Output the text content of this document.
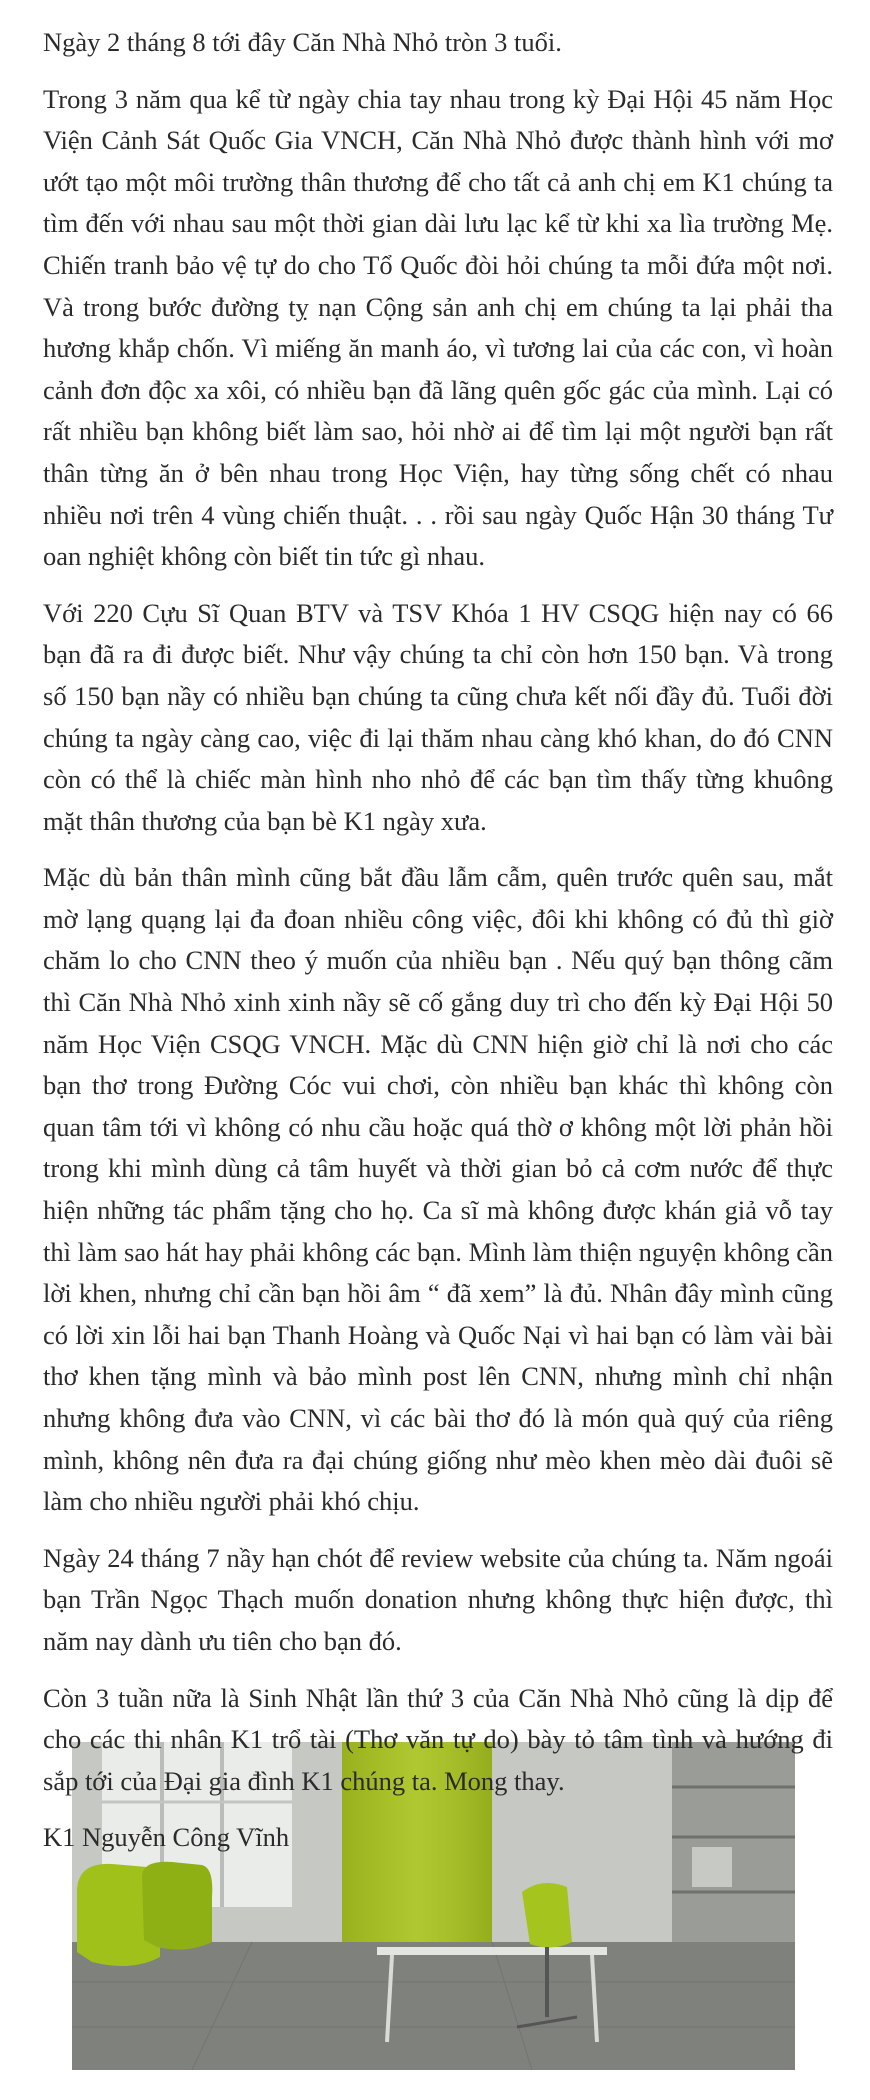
Ngày 2 tháng 8 tới đây Căn Nhà Nhỏ tròn 3 tuổi.

Trong 3 năm qua kể từ ngày chia tay nhau trong kỳ Đại Hội 45 năm Học Viện Cảnh Sát Quốc Gia VNCH, Căn Nhà Nhỏ được thành hình với mơ ướt tạo một môi trường thân thương để cho tất cả anh chị em K1 chúng ta tìm đến với nhau sau một thời gian dài lưu lạc kể từ khi xa lìa trường Mẹ. Chiến tranh bảo vệ tự do cho Tổ Quốc đòi hỏi chúng ta mỗi đứa một nơi. Và trong bước đường tỵ nạn Cộng sản anh chị em chúng ta lại phải tha hương khắp chốn. Vì miếng ăn manh áo, vì tương lai của các con, vì hoàn cảnh đơn độc xa xôi, có nhiều bạn đã lãng quên gốc gác của mình. Lại có rất nhiều bạn không biết làm sao, hỏi nhờ ai để tìm lại một người bạn rất thân từng ăn ở bên nhau trong Học Viện, hay từng sống chết có nhau nhiều nơi trên 4 vùng chiến thuật. . . rồi sau ngày Quốc Hận 30 tháng Tư oan nghiệt không còn biết tin tức gì nhau.

Với 220 Cựu Sĩ Quan BTV và TSV Khóa 1 HV CSQG hiện nay có 66 bạn đã ra đi được biết. Như vậy chúng ta chỉ còn hơn 150 bạn. Và trong số 150 bạn nầy có nhiều bạn chúng ta cũng chưa kết nối đầy đủ. Tuổi đời chúng ta ngày càng cao, việc đi lại thăm nhau càng khó khan, do đó CNN còn có thể là chiếc màn hình nho nhỏ để các bạn tìm thấy từng khuông mặt thân thương của bạn bè K1 ngày xưa.

Mặc dù bản thân mình cũng bắt đầu lẫm cẫm, quên trước quên sau, mắt mờ lạng quạng lại đa đoan nhiều công việc, đôi khi không có đủ thì giờ chăm lo cho CNN theo ý muốn của nhiều bạn . Nếu quý bạn thông cãm thì Căn Nhà Nhỏ xinh xinh nầy sẽ cố gắng duy trì cho đến kỳ Đại Hội 50 năm Học Viện CSQG VNCH. Mặc dù CNN hiện giờ chỉ là nơi cho các bạn thơ trong Đường Cóc vui chơi, còn nhiều bạn khác thì không còn quan tâm tới vì không có nhu cầu hoặc quá thờ ơ không một lời phản hồi trong khi mình dùng cả tâm huyết và thời gian bỏ cả cơm nước để thực hiện những tác phẩm tặng cho họ. Ca sĩ mà không được khán giả vỗ tay thì làm sao hát hay phải không các bạn. Mình làm thiện nguyện không cần lời khen, nhưng chỉ cần bạn hồi âm “ đã xem” là đủ. Nhân đây mình cũng có lời xin lỗi hai bạn Thanh Hoàng và Quốc Nại vì hai bạn có làm vài bài thơ khen tặng mình và bảo mình post lên CNN, nhưng mình chỉ nhận nhưng không đưa vào CNN, vì các bài thơ đó là món quà quý của riêng mình, không nên đưa ra đại chúng giống như mèo khen mèo dài đuôi sẽ làm cho nhiều người phải khó chịu.

Ngày 24 tháng 7 nầy hạn chót để review website của chúng ta. Năm ngoái bạn Trần Ngọc Thạch muốn donation nhưng không thực hiện được, thì năm nay dành ưu tiên cho bạn đó.

Còn 3 tuần nữa là Sinh Nhật lần thứ 3 của Căn Nhà Nhỏ cũng là dịp để cho các thi nhân K1 trổ tài (Thơ văn tự do) bày tỏ tâm tình và hướng đi sắp tới của Đại gia đình K1 chúng ta. Mong thay.

K1 Nguyễn Công Vĩnh
